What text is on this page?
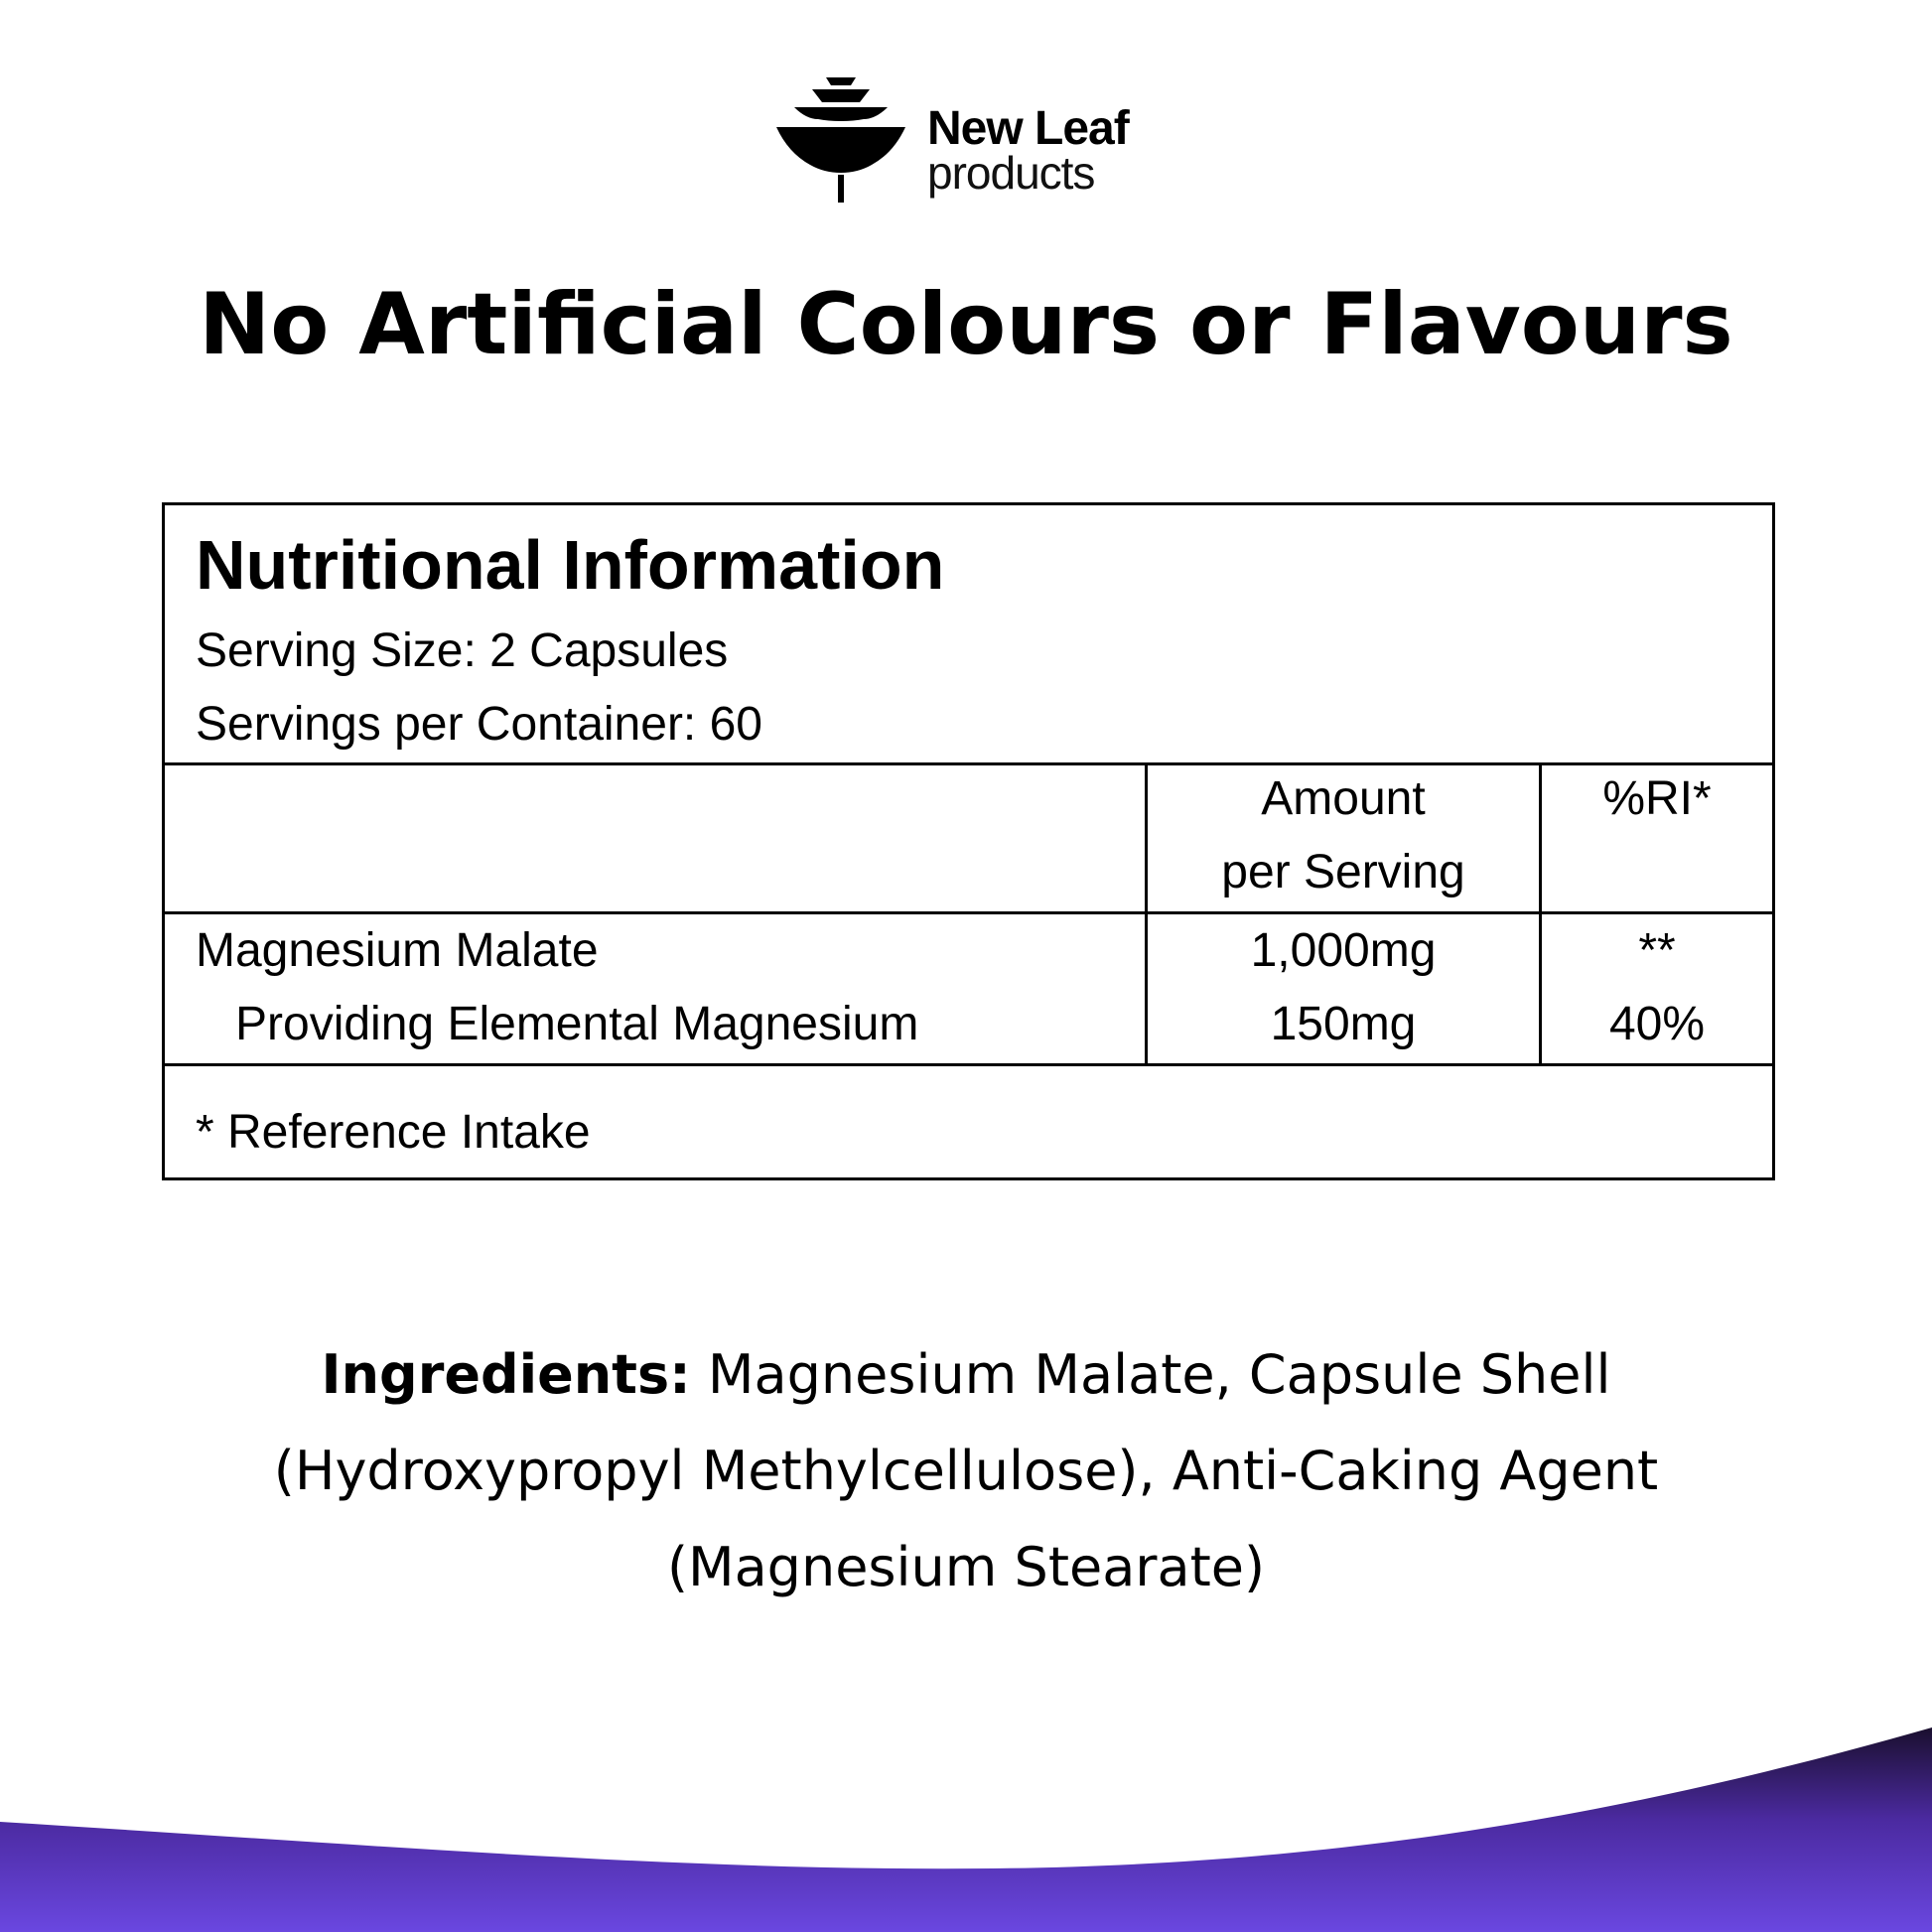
New Leaf
products
No Artificial Colours or Flavours
Nutritional Information
Serving Size: 2 Capsules
Servings per Container: 60
Amount
per Serving
%RI*
Magnesium Malate
Providing Elemental Magnesium
1,000mg
150mg
**
40%
* Reference Intake
Ingredients: Magnesium Malate, Capsule Shell
(Hydroxypropyl Methylcellulose), Anti-Caking Agent
(Magnesium Stearate)
